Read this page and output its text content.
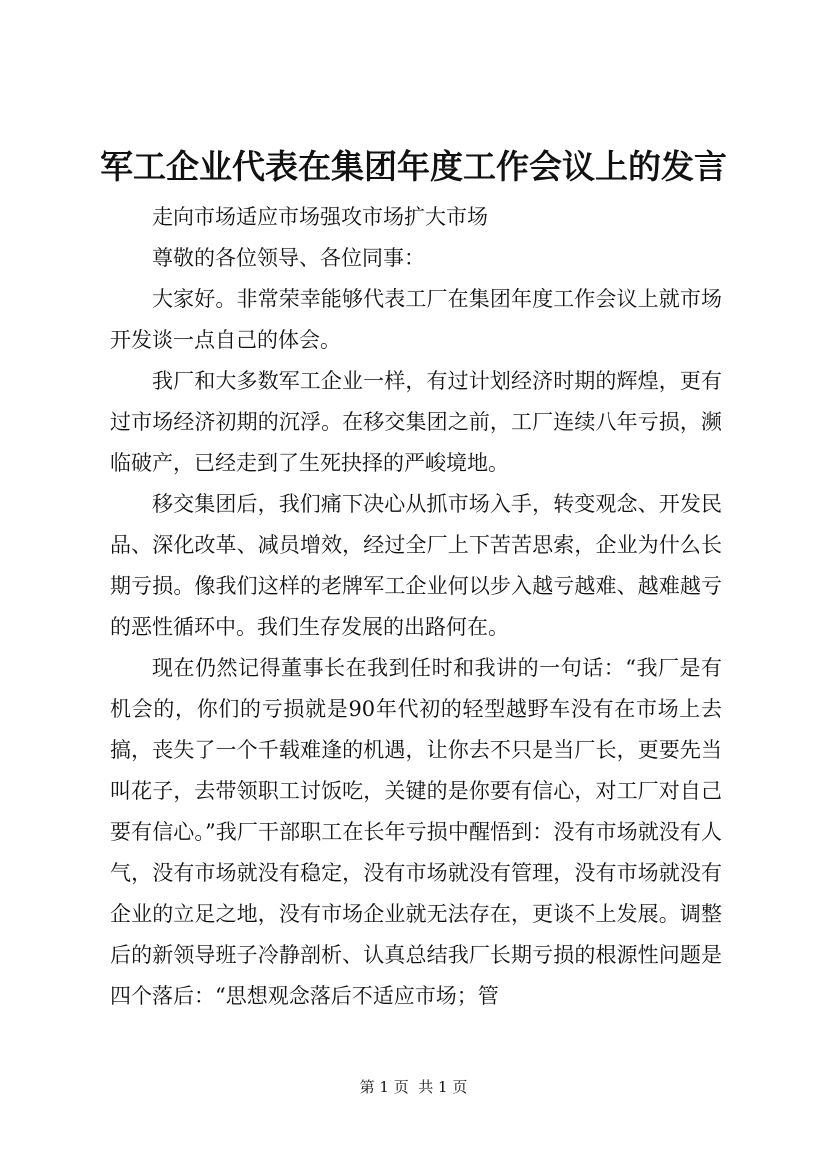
军工企业代表在集团年度工作会议上的发言

走向市场适应市场强攻市场扩大市场

尊敬的各位领导、各位同事：

大家好。非常荣幸能够代表工厂在集团年度工作会议上就市场开发谈一点自己的体会。

我厂和大多数军工企业一样，有过计划经济时期的辉煌，更有过市场经济初期的沉浮。在移交集团之前，工厂连续八年亏损，濒临破产，已经走到了生死抉择的严峻境地。

移交集团后，我们痛下决心从抓市场入手，转变观念、开发民品、深化改革、减员增效，经过全厂上下苦苦思索，企业为什么长期亏损。像我们这样的老牌军工企业何以步入越亏越难、越难越亏的恶性循环中。我们生存发展的出路何在。

现在仍然记得董事长在我到任时和我讲的一句话：“我厂是有机会的，你们的亏损就是90年代初的轻型越野车没有在市场上去搞，丧失了一个千载难逢的机遇，让你去不只是当厂长，更要先当叫花子，去带领职工讨饭吃，关键的是你要有信心，对工厂对自己要有信心。”我厂干部职工在长年亏损中醒悟到：没有市场就没有人气，没有市场就没有稳定，没有市场就没有管理，没有市场就没有企业的立足之地，没有市场企业就无法存在，更谈不上发展。调整后的新领导班子冷静剖析、认真总结我厂长期亏损的根源性问题是四个落后：“思想观念落后不适应市场；管

第 1 页  共 1 页
